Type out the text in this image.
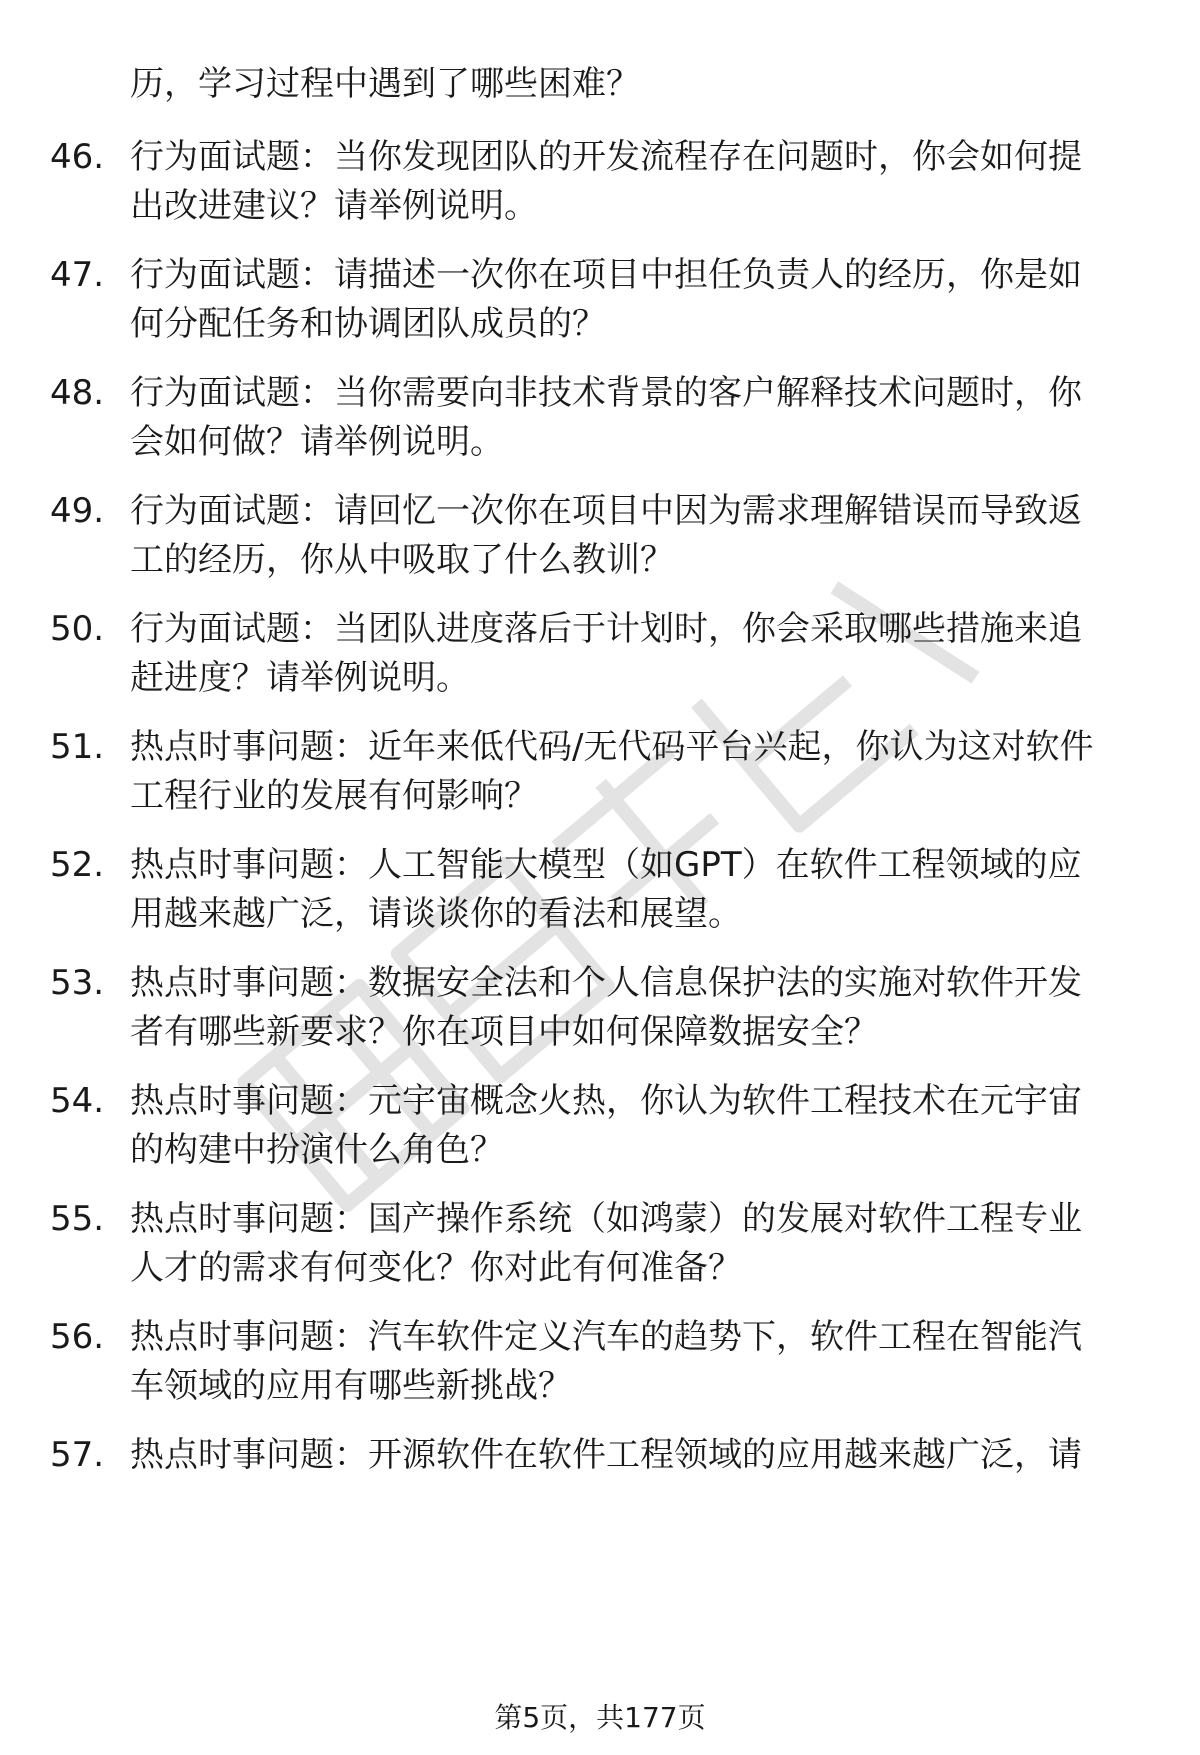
历，学习过程中遇到了哪些困难？
46. 行为面试题：当你发现团队的开发流程存在问题时，你会如何提
出改进建议？请举例说明。
47. 行为面试题：请描述一次你在项目中担任负责人的经历，你是如
何分配任务和协调团队成员的？
48. 行为面试题：当你需要向非技术背景的客户解释技术问题时，你
会如何做？请举例说明。
49. 行为面试题：请回忆一次你在项目中因为需求理解错误而导致返
工的经历，你从中吸取了什么教训？
50. 行为面试题：当团队进度落后于计划时，你会采取哪些措施来追
赶进度？请举例说明。
51. 热点时事问题：近年来低代码/无代码平台兴起，你认为这对软件
工程行业的发展有何影响？
52. 热点时事问题：人工智能大模型（如GPT）在软件工程领域的应
用越来越广泛，请谈谈你的看法和展望。
53. 热点时事问题：数据安全法和个人信息保护法的实施对软件开发
者有哪些新要求？你在项目中如何保障数据安全？
54. 热点时事问题：元宇宙概念火热，你认为软件工程技术在元宇宙
的构建中扮演什么角色？
55. 热点时事问题：国产操作系统（如鸿蒙）的发展对软件工程专业
人才的需求有何变化？你对此有何准备？
56. 热点时事问题：汽车软件定义汽车的趋势下，软件工程在智能汽
车领域的应用有哪些新挑战？
57. 热点时事问题：开源软件在软件工程领域的应用越来越广泛，请
第5页，共177页
